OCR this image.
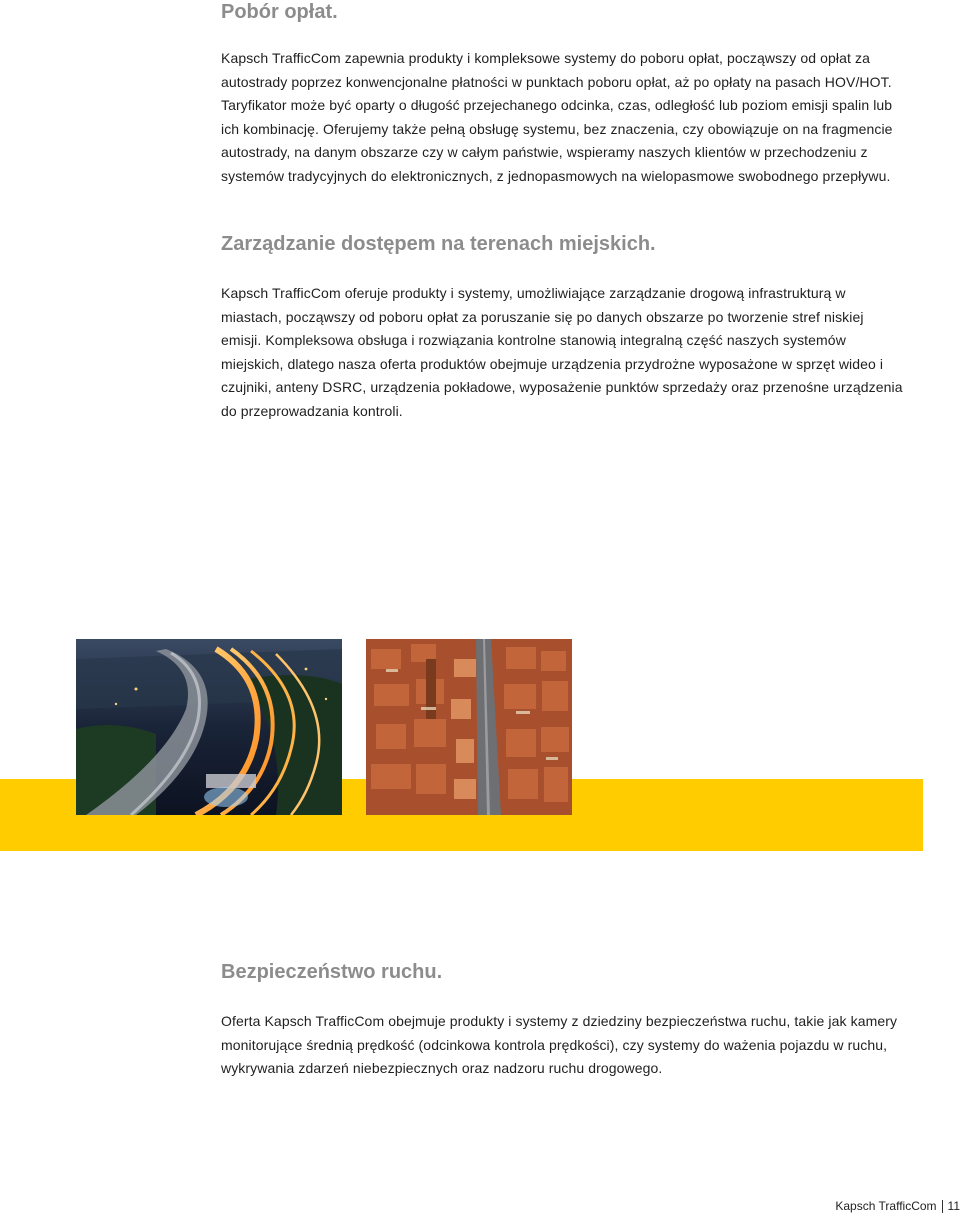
Pobór opłat.

Kapsch TrafficCom zapewnia produkty i kompleksowe systemy do poboru opłat, począwszy od opłat za
autostrady poprzez konwencjonalne płatności w punktach poboru opłat, aż po opłaty na pasach HOV/HOT.
Taryfikator może być oparty o długość przejechanego odcinka, czas, odległość lub poziom emisji spalin lub
ich kombinację. Oferujemy także pełną obsługę systemu, bez znaczenia, czy obowiązuje on na fragmencie
autostrady, na danym obszarze czy w całym państwie, wspieramy naszych klientów w przechodzeniu z
systemów tradycyjnych do elektronicznych, z jednopasmowych na wielopasmowe swobodnego przepływu.

Zarządzanie dostępem na terenach miejskich.

Kapsch TrafficCom oferuje produkty i systemy, umożliwiające zarządzanie drogową infrastrukturą w
miastach, począwszy od poboru opłat za poruszanie się po danych obszarze po tworzenie stref niskiej
emisji. Kompleksowa obsługa i rozwiązania kontrolne stanowią integralną część naszych systemów
miejskich, dlatego nasza oferta produktów obejmuje urządzenia przydrożne wyposażone w sprzęt wideo i
czujniki, anteny DSRC, urządzenia pokładowe, wyposażenie punktów sprzedaży oraz przenośne urządzenia
do przeprowadzania kontroli.

Bezpieczeństwo ruchu.

Oferta Kapsch TrafficCom obejmuje produkty i systemy z dziedziny bezpieczeństwa ruchu, takie jak kamery
monitorujące średnią prędkość (odcinkowa kontrola prędkości), czy systemy do ważenia pojazdu w ruchu,
wykrywania zdarzeń niebezpiecznych oraz nadzoru ruchu drogowego.

Kapsch TrafficCom 11
